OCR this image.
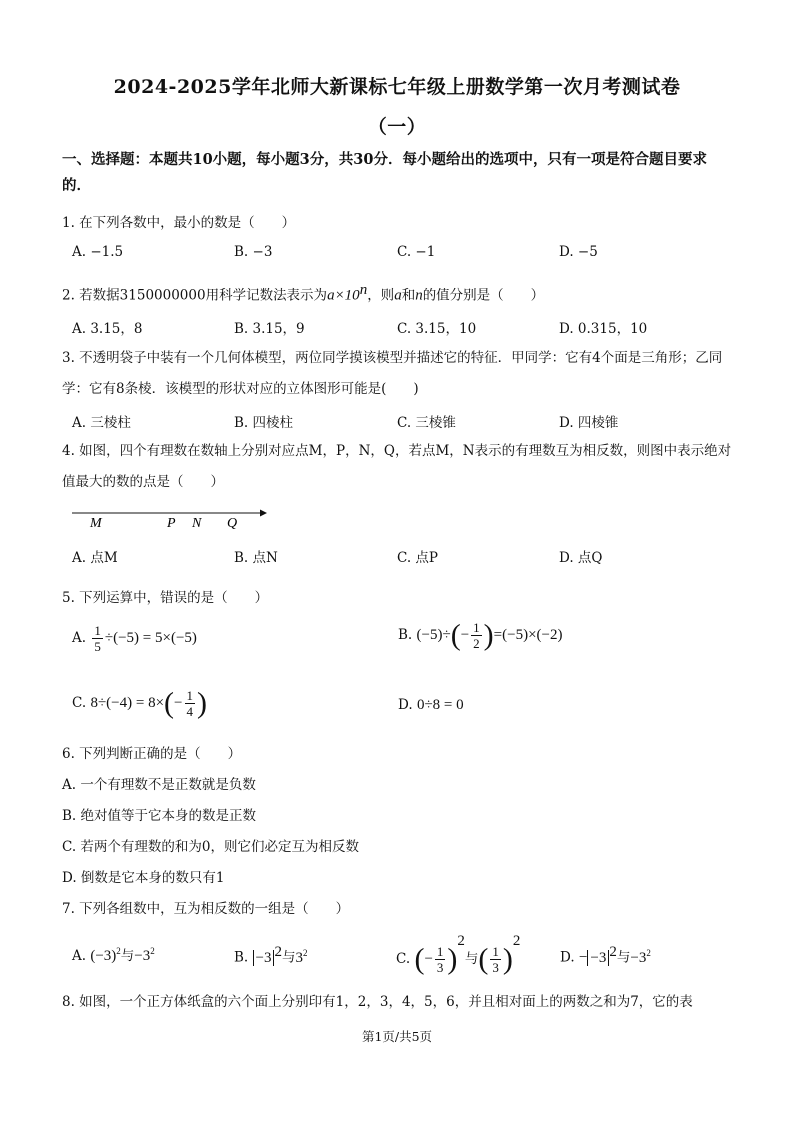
2024-2025学年北师大新课标七年级上册数学第一次月考测试卷
（一）
一、选择题：本题共10小题，每小题3分，共30分．每小题给出的选项中，只有一项是符合题目要求的．
1. 在下列各数中，最小的数是（　　）
A. −1.5	B. −3	C. −1	D. −5
2. 若数据3150000000用科学记数法表示为$a\times 10^n$，则a和n的值分别是（　　）
A. 3.15，8	B. 3.15，9	C. 3.15，10	D. 0.315，10
3. 不透明袋子中装有一个几何体模型，两位同学摸该模型并描述它的特征．甲同学：它有4个面是三角形；乙同学：它有8条棱．该模型的形状对应的立体图形可能是(　　)
A. 三棱柱	B. 四棱柱	C. 三棱锥	D. 四棱锥
4. 如图，四个有理数在数轴上分别对应点M，P，N，Q，若点M，N表示的有理数互为相反数，则图中表示绝对值最大的数的点是（　　）
M	P N Q
A. 点M	B. 点N	C. 点P	D. 点Q
5. 下列运算中，错误的是（　　）
A. $\frac{1}{5} \div(-5) = 5\times(-5)$	B. $(-5)\div(- \frac{1}{2} )=(-5)\times(-2)$
C. $8\div(-4) = 8\times(- \frac{1}{4}$ )	D. 0÷8 = 0
6. 下列判断正确的是（　　）
A. 一个有理数不是正数就是负数
B. 绝对值等于它本身的数是正数
C. 若两个有理数的和为0，则它们必定互为相反数
D. 倒数是它本身的数只有1
7. 下列各组数中，互为相反数的一组是（　　）
A. $(-3)^2$与$-3^2$	B. −3 $^2$与$3^2$	C. (− $\frac{1}{3} )^2$与( $\frac{1}{3} )^2$
D. − −3 $^2$与$-3^2$
8. 如图，一个正方体纸盒的六个面上分别印有1，2，3，4，5，6，并且相对面上的两数之和为7，它的表
第1页/共5页
